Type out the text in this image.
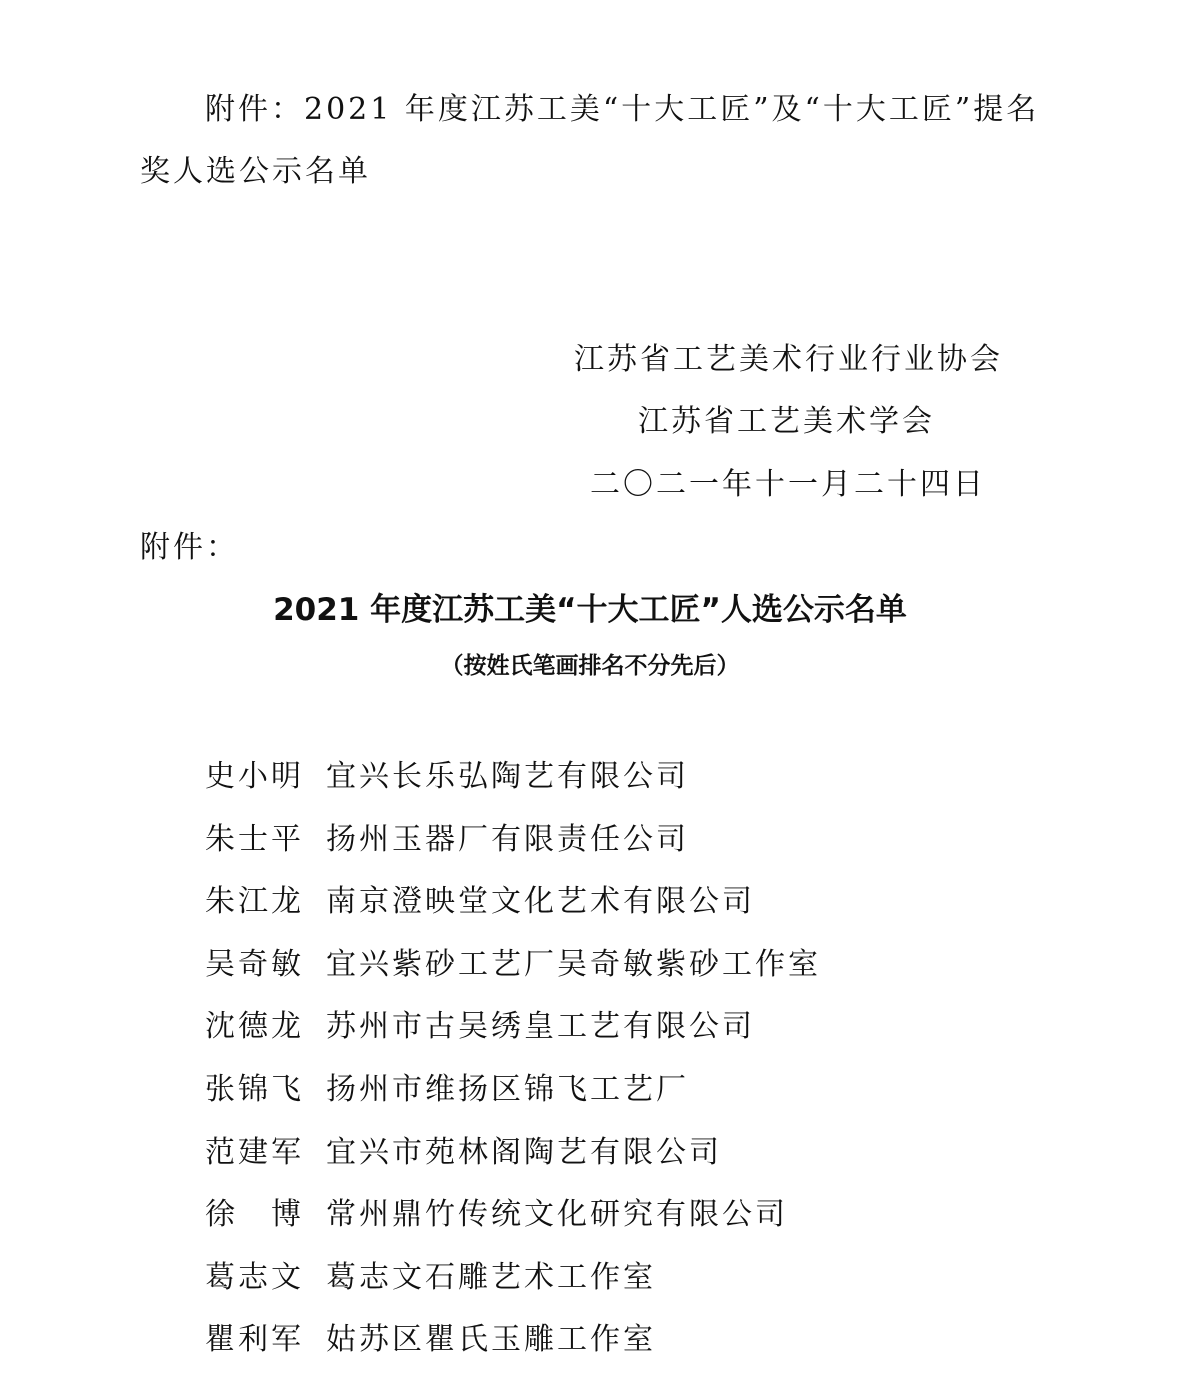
附件：2021 年度江苏工美“十大工匠”及“十大工匠”提名
奖人选公示名单
江苏省工艺美术行业行业协会
江苏省工艺美术学会
二〇二一年十一月二十四日
附件：
2021 年度江苏工美“十大工匠”人选公示名单
（按姓氏笔画排名不分先后）
史小明 宜兴长乐弘陶艺有限公司
朱士平 扬州玉器厂有限责任公司
朱江龙 南京澄映堂文化艺术有限公司
吴奇敏 宜兴紫砂工艺厂吴奇敏紫砂工作室
沈德龙 苏州市古吴绣皇工艺有限公司
张锦飞 扬州市维扬区锦飞工艺厂
范建军 宜兴市苑林阁陶艺有限公司
徐　博 常州鼎竹传统文化研究有限公司
葛志文 葛志文石雕艺术工作室
瞿利军 姑苏区瞿氏玉雕工作室
